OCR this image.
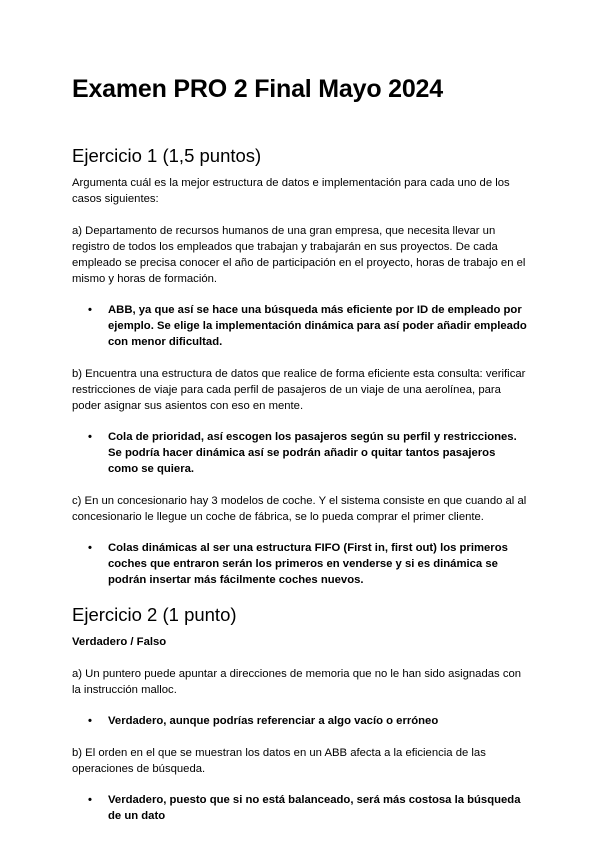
Examen PRO 2 Final Mayo 2024
Ejercicio 1 (1,5 puntos)

Argumenta cuál es la mejor estructura de datos e implementación para cada uno de los casos siguientes:

a) Departamento de recursos humanos de una gran empresa, que necesita llevar un registro de todos los empleados que trabajan y trabajarán en sus proyectos. De cada empleado se precisa conocer el año de participación en el proyecto, horas de trabajo en el mismo y horas de formación.

• ABB, ya que así se hace una búsqueda más eficiente por ID de empleado por ejemplo. Se elige la implementación dinámica para así poder añadir empleado con menor dificultad.

b) Encuentra una estructura de datos que realice de forma eficiente esta consulta: verificar restricciones de viaje para cada perfil de pasajeros de un viaje de una aerolínea, para poder asignar sus asientos con eso en mente.

• Cola de prioridad, así escogen los pasajeros según su perfil y restricciones. Se podría hacer dinámica así se podrán añadir o quitar tantos pasajeros como se quiera.

c) En un concesionario hay 3 modelos de coche. Y el sistema consiste en que cuando al al concesionario le llegue un coche de fábrica, se lo pueda comprar el primer cliente.

• Colas dinámicas al ser una estructura FIFO (First in, first out) los primeros coches que entraron serán los primeros en venderse y si es dinámica se podrán insertar más fácilmente coches nuevos.
Ejercicio 2 (1 punto)

Verdadero / Falso

a) Un puntero puede apuntar a direcciones de memoria que no le han sido asignadas con la instrucción malloc.

• Verdadero, aunque podrías referenciar a algo vacío o erróneo

b) El orden en el que se muestran los datos en un ABB afecta a la eficiencia de las operaciones de búsqueda.

• Verdadero, puesto que si no está balanceado, será más costosa la búsqueda de un dato
